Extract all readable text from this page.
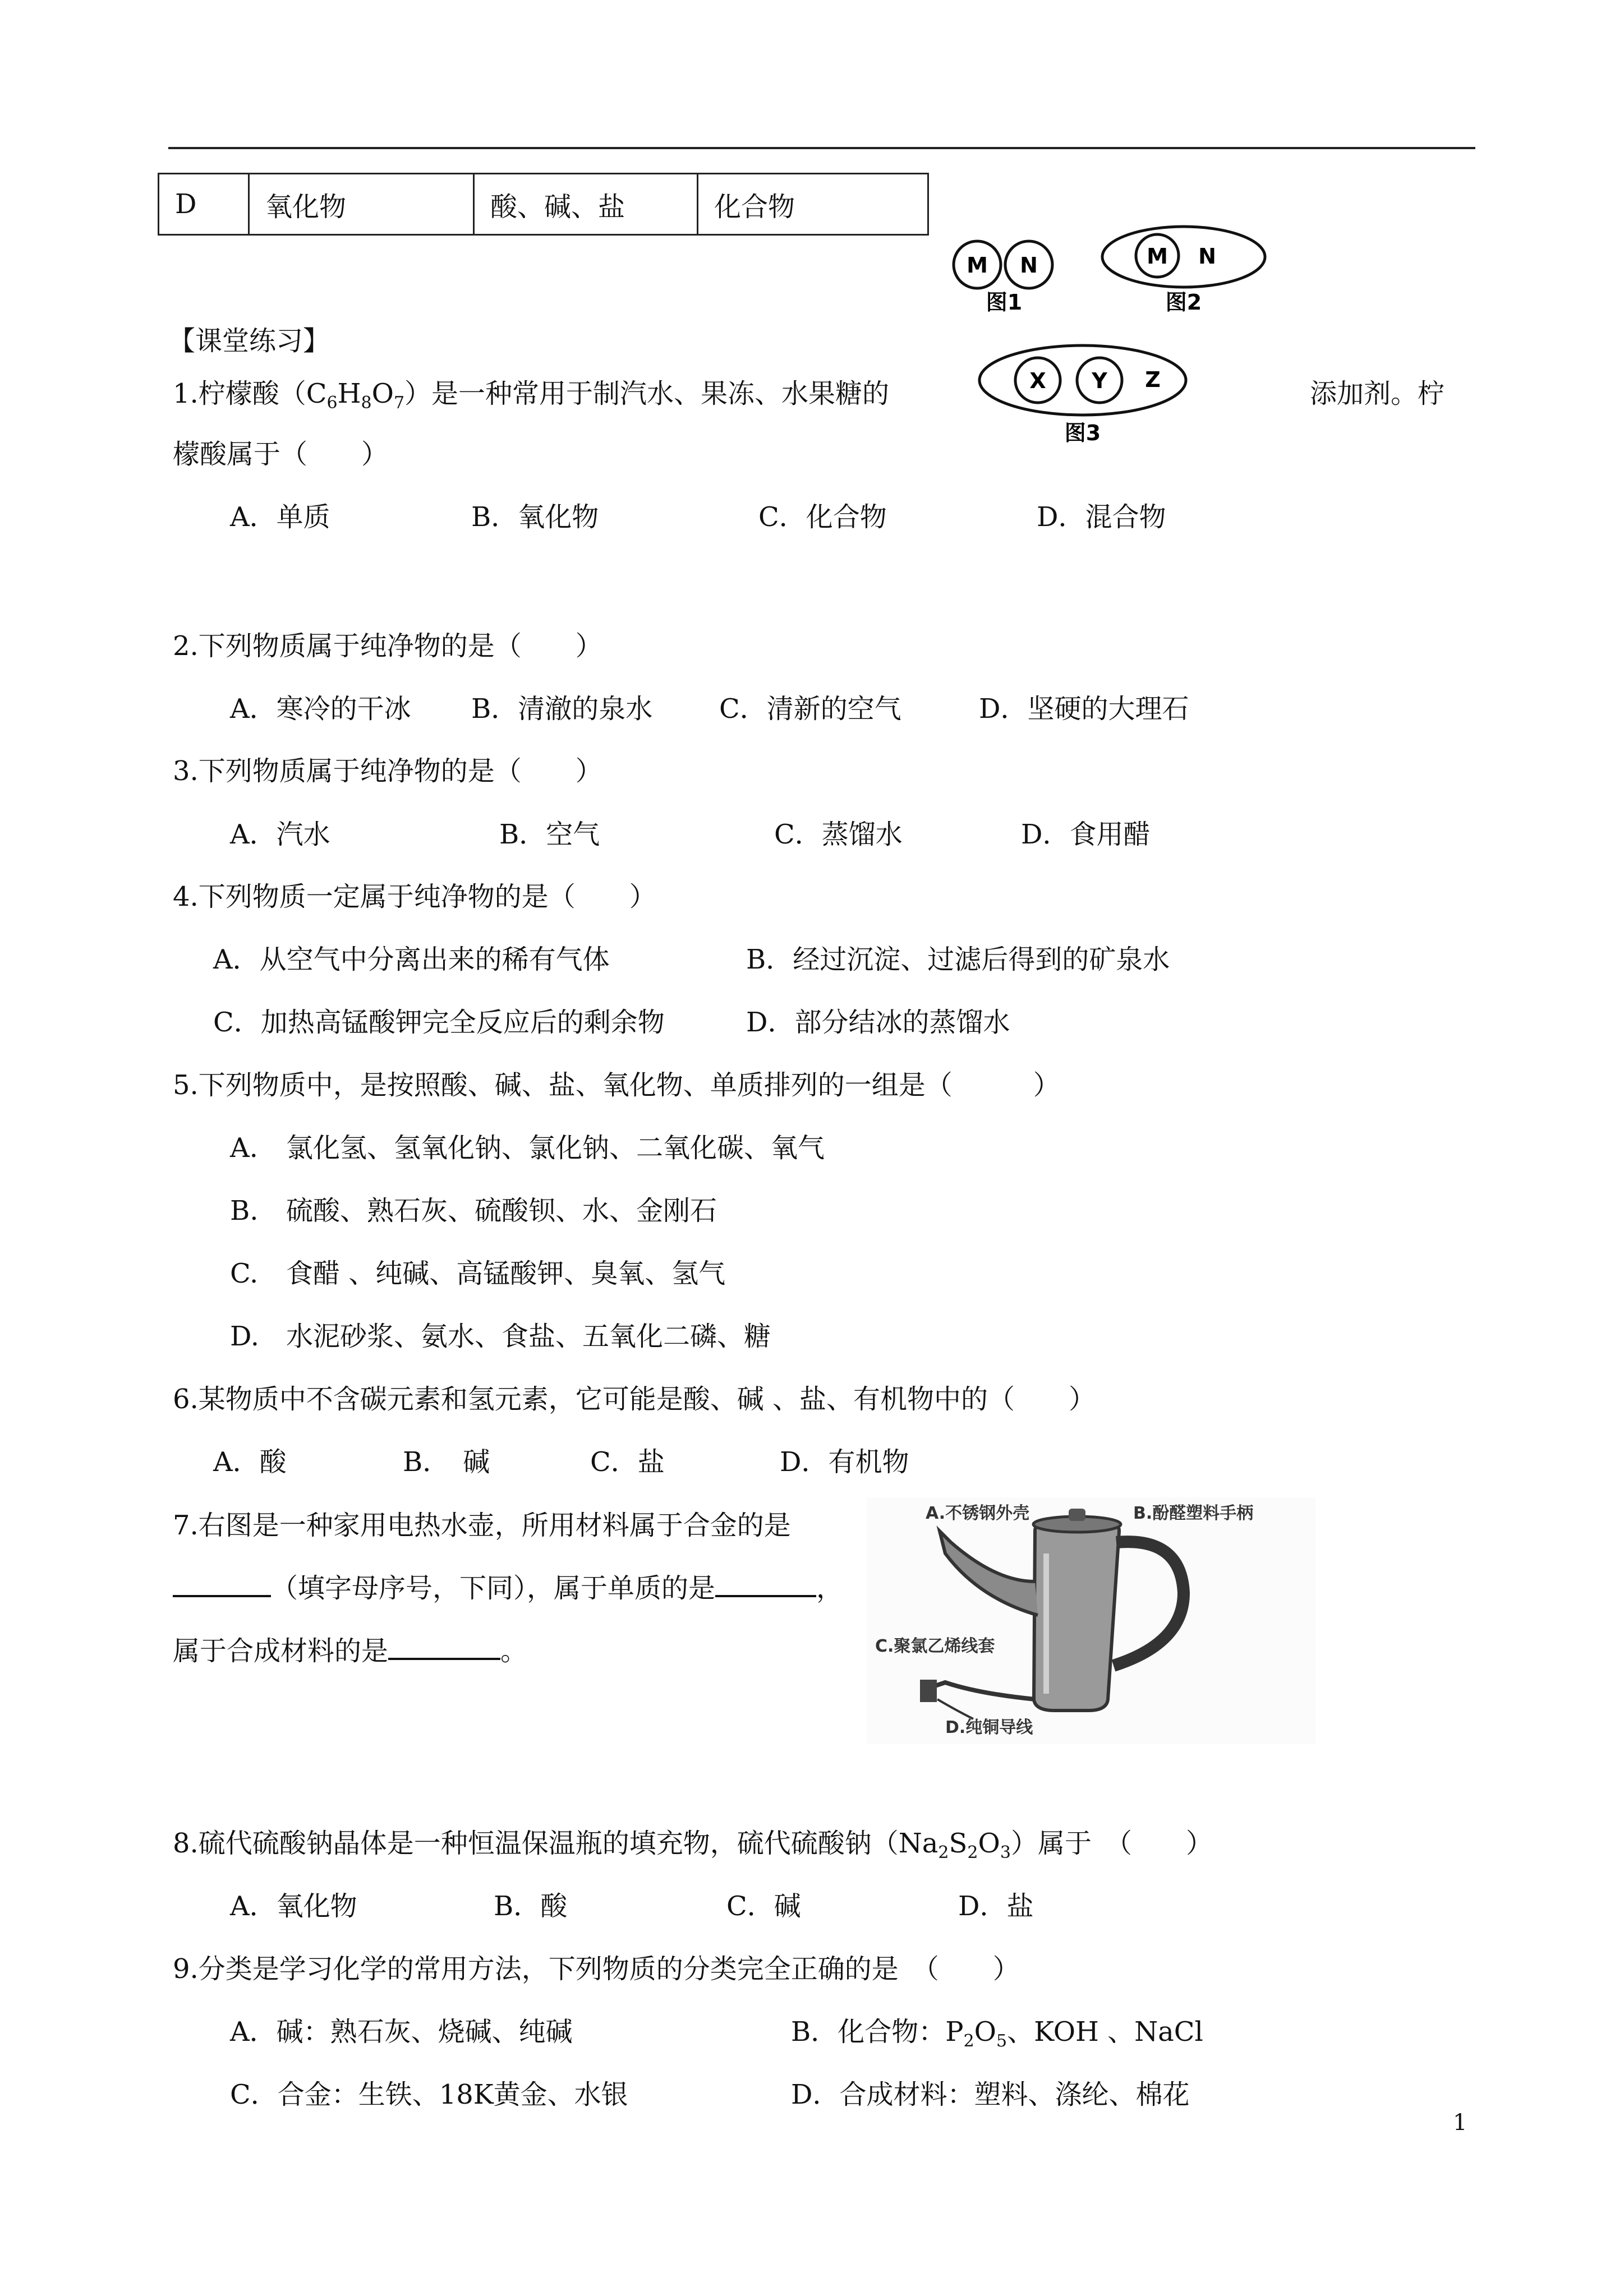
D	氧化物	酸、碱、盐	化合物
M N
图1
M N
图2
X Y Z
图3
【课堂练习】
1.柠檬酸$(C_6H_8O_7)$是一种常用于制汽水、果冻、水果糖的	添加剂。柠
檬酸属于（　　）
A．单质	B．氧化物	C．化合物	D．混合物
2.下列物质属于纯净物的是（　　）
A．寒冷的干冰 B．清澈的泉水 C．清新的空气	D．坚硬的大理石
3.下列物质属于纯净物的是（　　）
A．汽水	B．空气	C．蒸馏水	D．食用醋
4.下列物质一定属于纯净物的是（　　）
A．从空气中分离出来的稀有气体	B．经过沉淀、过滤后得到的矿泉水
C．加热高锰酸钾完全反应后的剩余物	D．部分结冰的蒸馏水
5.下列物质中，是按照酸、碱、盐、氧化物、单质排列的一组是（　　　）
A. 氯化氢、氢氧化钠、氯化钠、二氧化碳、氧气
B. 硫酸、熟石灰、硫酸钡、水、金刚石
C. 食醋 、纯碱、高锰酸钾、臭氧、氢气
D. 水泥砂浆、氨水、食盐、五氧化二磷、糖
6.某物质中不含碳元素和氢元素，它可能是酸、碱 、盐、有机物中的（　　）
A．酸	B．　碱	C．盐	D．有机物
7.右图是一种家用电热水壶，所用材料属于合金的是
（填字母序号，下同），属于单质的是	，
属于合成材料的是	。
A.不锈钢外壳	B.酚醛塑料手柄
C.聚氯乙烯线套
D.纯铜导线
8.硫代硫酸钠晶体是一种恒温保温瓶的填充物，硫代硫酸钠$(Na_2S_2O_3)$属于　（　　）
A．氧化物	B．酸	C．碱	D．盐
9.分类是学习化学的常用方法，下列物质的分类完全正确的是　（　　）
A．碱：熟石灰、烧碱、纯碱	B．化合物：$P_2O_5$、KOH 、NaCl
C．合金：生铁、18K黄金、水银	D．合成材料：塑料、涤纶、棉花
1
